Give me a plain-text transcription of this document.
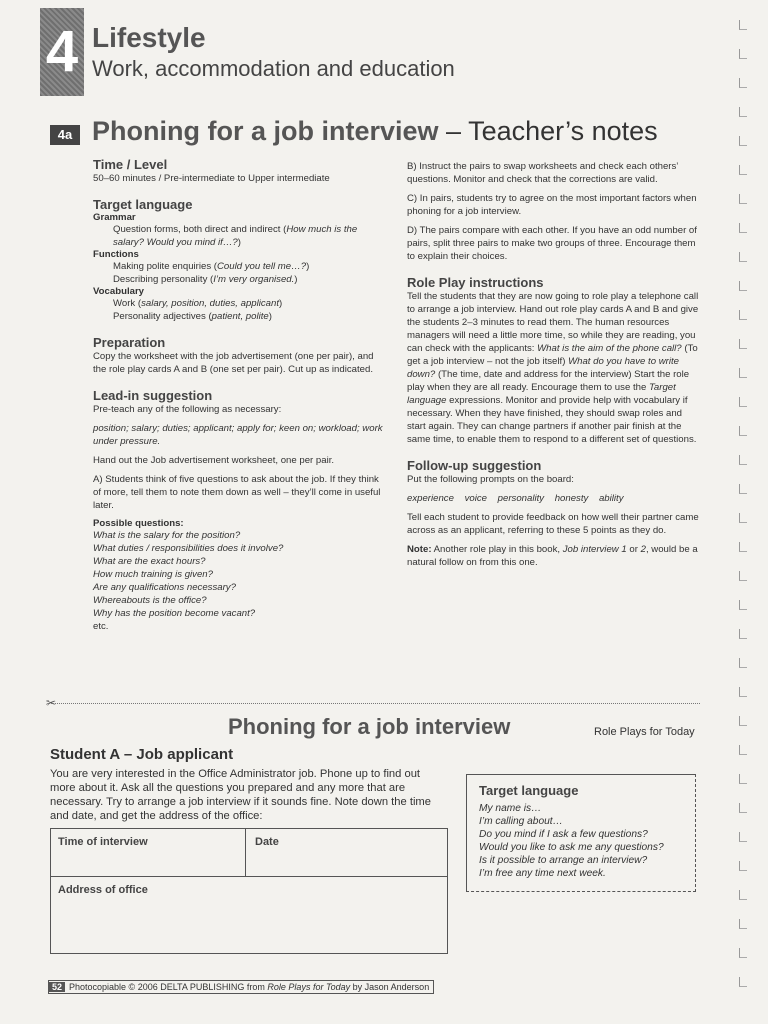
4 Lifestyle
Work, accommodation and education
4a Phoning for a job interview – Teacher’s notes
Time / Level
50–60 minutes / Pre-intermediate to Upper intermediate
Target language
Grammar
Question forms, both direct and indirect (How much is the salary? Would you mind if…?)
Functions
Making polite enquiries (Could you tell me…?)
Describing personality (I’m very organised.)
Vocabulary
Work (salary, position, duties, applicant)
Personality adjectives (patient, polite)
Preparation
Copy the worksheet with the job advertisement (one per pair), and the role play cards A and B (one set per pair). Cut up as indicated.
Lead-in suggestion
Pre-teach any of the following as necessary:
position; salary; duties; applicant; apply for; keen on; workload; work under pressure.
Hand out the Job advertisement worksheet, one per pair.
A) Students think of five questions to ask about the job. If they think of more, tell them to note them down as well – they’ll come in useful later.
Possible questions:
What is the salary for the position?
What duties / responsibilities does it involve?
What are the exact hours?
How much training is given?
Are any qualifications necessary?
Whereabouts is the office?
Why has the position become vacant?
etc.
B) Instruct the pairs to swap worksheets and check each others’ questions. Monitor and check that the corrections are valid.
C) In pairs, students try to agree on the most important factors when phoning for a job interview.
D) The pairs compare with each other. If you have an odd number of pairs, split three pairs to make two groups of three. Encourage them to explain their choices.
Role Play instructions
Tell the students that they are now going to role play a telephone call to arrange a job interview. Hand out role play cards A and B and give the students 2–3 minutes to read them. The human resources managers will need a little more time, so while they are reading, you can check with the applicants: What is the aim of the phone call? (To get a job interview – not the job itself) What do you have to write down? (The time, date and address for the interview) Start the role play when they are all ready. Encourage them to use the Target language expressions. Monitor and provide help with vocabulary if necessary. When they have finished, they should swap roles and start again. They can change partners if another pair finish at the same time, to enable them to respond to a different set of questions.
Follow-up suggestion
Put the following prompts on the board:
experience    voice    personality    honesty    ability
Tell each student to provide feedback on how well their partner came across as an applicant, referring to these 5 points as they do.
Note: Another role play in this book, Job interview 1 or 2, would be a natural follow on from this one.
✂
Phoning for a job interview	Role Plays for Today
Student A – Job applicant
You are very interested in the Office Administrator job. Phone up to find out more about it. Ask all the questions you prepared and any more that are necessary. Try to arrange a job interview if it sounds fine. Note down the time and date, and get the address of the office:
Time of interview	Date
Address of office
Target language
My name is…
I’m calling about…
Do you mind if I ask a few questions?
Would you like to ask me any questions?
Is it possible to arrange an interview?
I’m free any time next week.
52 Photocopiable © 2006 DELTA PUBLISHING from Role Plays for Today by Jason Anderson
